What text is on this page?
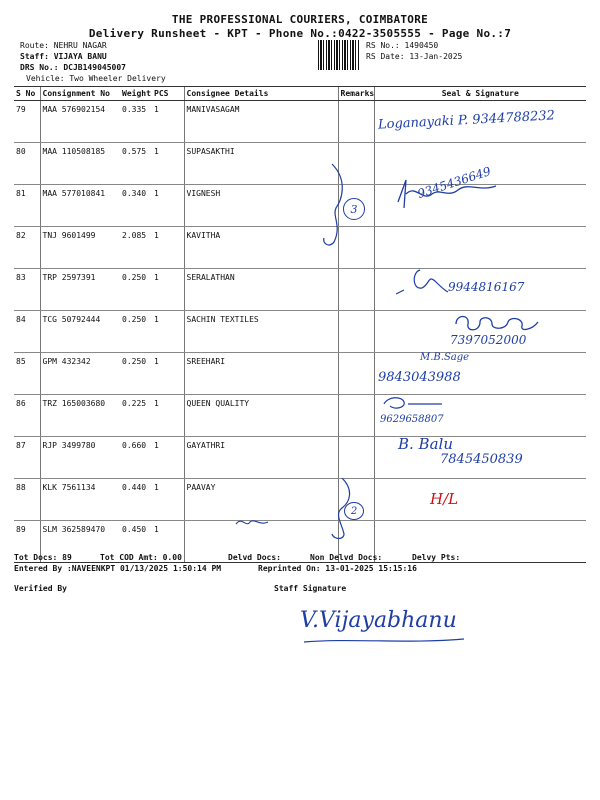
THE PROFESSIONAL COURIERS, COIMBATORE
Delivery Runsheet - KPT - Phone No.:0422-3505555 - Page No.:7
Route: NEHRU NAGAR
Staff: VIJAYA BANU
DRS No.: DCJB149045007
Vehicle: Two Wheeler Delivery
RS No.: 1490450
RS Date: 13-Jan-2025
S No	Consignment No	Weight	PCS	Consignee Details	Remarks	Seal & Signature
79	MAA 576902154	0.335	1	MANIVASAGAM		
80	MAA 110508185	0.575	1	SUPASAKTHI		
81	MAA 577010841	0.340	1	VIGNESH		
82	TNJ 9601499	2.085	1	KAVITHA		
83	TRP 2597391	0.250	1	SERALATHAN		
84	TCG 50792444	0.250	1	SACHIN TEXTILES		
85	GPM 432342	0.250	1	SREEHARI		
86	TRZ 165003680	0.225	1	QUEEN QUALITY		
87	RJP 3499780	0.660	1	GAYATHRI		
88	KLK 7561134	0.440	1	PAAVAY		
89	SLM 362589470	0.450	1			
Loganayaki P. 9344788232
3
9345436649
9944816167
7397052000
M.B.Sage
9843043988
9629658807
B. Balu
7845450839
2
H/L
Tot Docs: 89	Tot COD Amt: 0.00	Delvd Docs:	Non Delvd Docs:	Delvy Pts:
Entered By :NAVEENKPT 01/13/2025 1:50:14 PM	Reprinted On: 13-01-2025 15:15:16
Verified By	Staff Signature
V.Vijayabhanu
